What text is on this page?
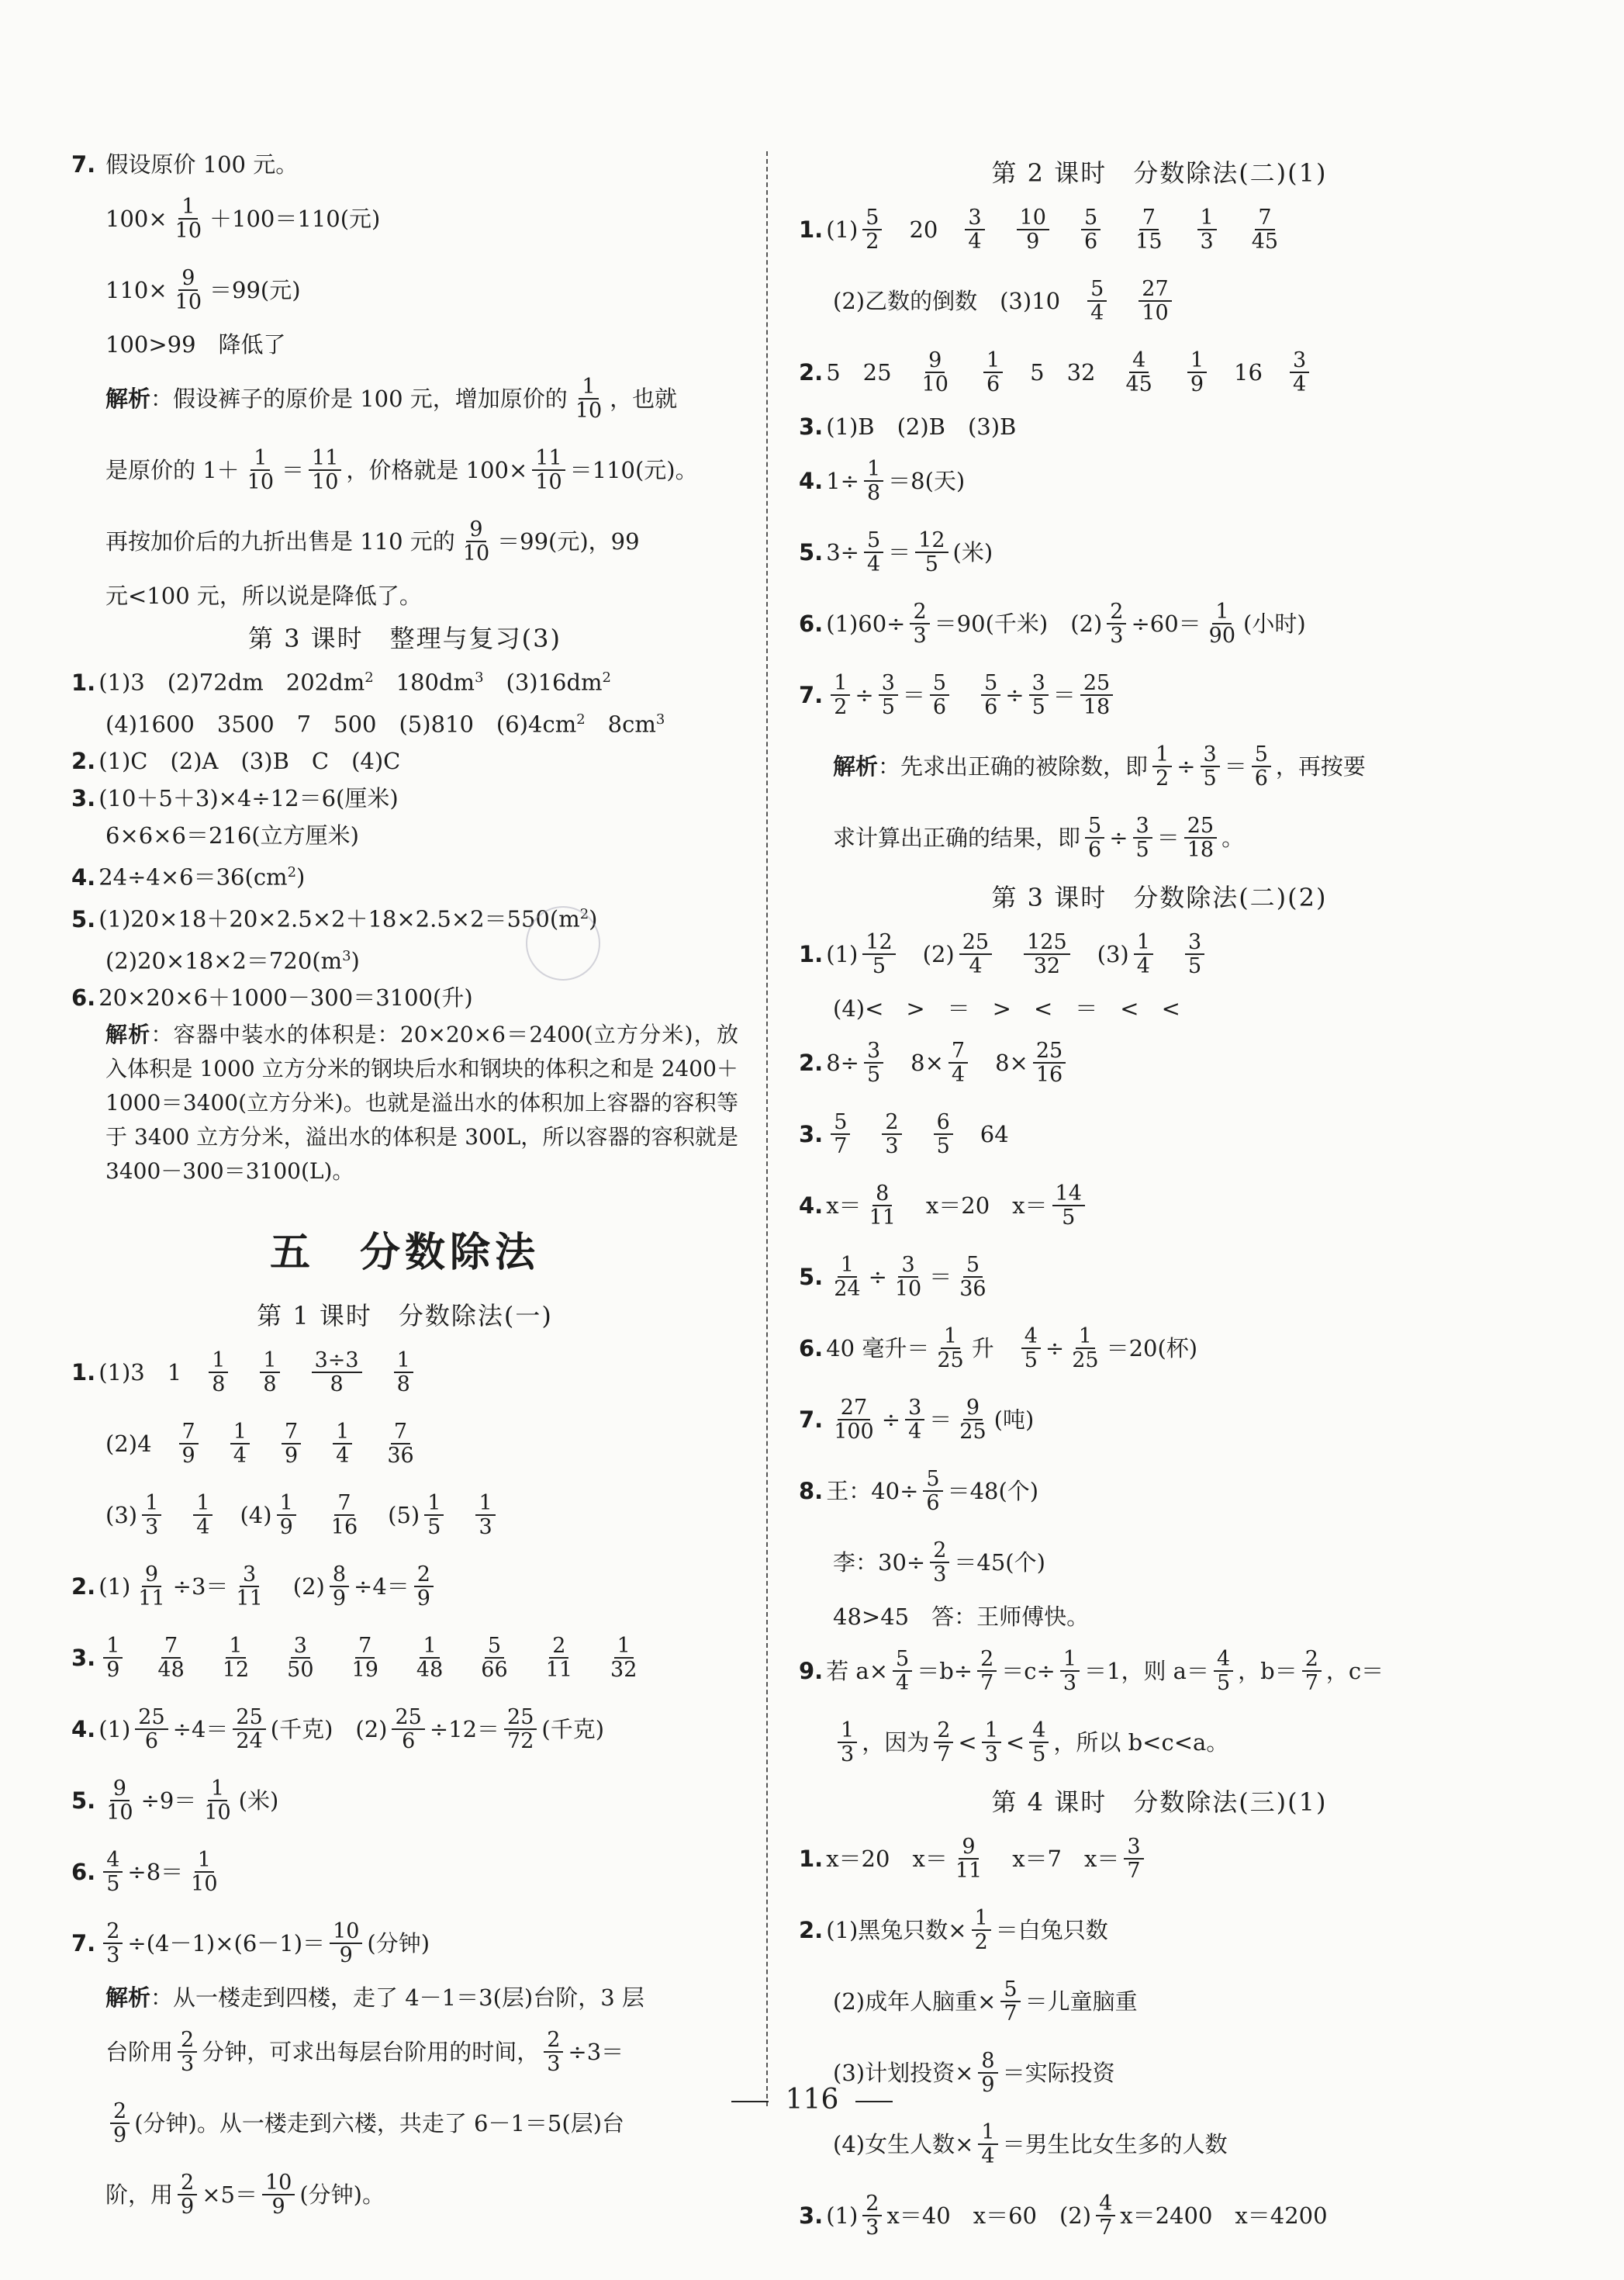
7. 假设原价 100 元。
$100\times \frac{1}{10} +100=110$(元)
$110\times \frac{9}{10} =99$(元)
100>99　降低了
解析 ：假设裤子的原价是 100 元，增加原价的 $\frac{1}{10}$ ，也就
是原价的 $1+ \frac{1}{10} = \frac{11}{10}$ ，价格就是 $100\times \frac{11}{10} =110$(元)。
再按加价后的九折出售是 110 元的 $\frac{9}{10} =99$(元)，99
元<100 元，所以说是降低了。
第 3 课时　整理与复习(3)
1. (1)3　(2)72dm　$202dm^2$　$180dm^3$　$(3)16dm^2$
(4)1600　3500　7　500　(5)810　$(6)4cm^2$　$8cm^3$
2. (1)C　(2)A　(3)B　C　(4)C
3. (10＋5＋3)×4÷12＝6(厘米)
6×6×6＝216(立方厘米)
4. $24\div 4\times 6=36(cm^2)$
5. $(1)20\times 18+20\times 2.5\times 2+18\times 2.5\times 2=550(m^2)$
$(2)20\times 18\times 2=720(m^3)$
6. 20×20×6＋1000－300＝3100(升)
解析：容器中装水的体积是：20×20×6＝2400(立方分米)，放入体积是 1000 立方分米的钢块后水和钢块的体积之和是 2400＋1000＝3400(立方分米)。也就是溢出水的体积加上容器的容积等于 3400 立方分米，溢出水的体积是 300L，所以容器的容积就是 3400－300＝3100(L)。
五　分数除法
第 1 课时　分数除法(一)
1. (1)3　1　 $\frac{1}{8}$
　 $\frac{1}{8}$
　 $\frac{3\div 3}{8}$
　 $\frac{1}{8}$
(2)4　 $\frac{7}{9}$
　 $\frac{1}{4}$
　 $\frac{7}{9}$
　 $\frac{1}{4}$
　 $\frac{7}{36}$
$(3) \frac{1}{3}$
　 $\frac{1}{4}$ 　$(4) \frac{1}{9}$
　 $\frac{7}{16}$ 　$(5) \frac{1}{5}$
　 $\frac{1}{3}$
2. $(1) \frac{9}{11} \div 3= \frac{3}{11}$ 　$(2) \frac{8}{9} \div 4= \frac{2}{9}$
3. $\frac{1}{9}$
　 $\frac{7}{48}$
　 $\frac{1}{12}$
　 $\frac{3}{50}$
　 $\frac{7}{19}$
　 $\frac{1}{48}$
　 $\frac{5}{66}$
　 $\frac{2}{11}$
　 $\frac{1}{32}$
4. $(1) \frac{25}{6} \div 4= \frac{25}{24}$ (千克)　$(2) \frac{25}{6} \div 12= \frac{25}{72}$ (千克)
5. $\frac{9}{10} \div 9= \frac{1}{10}$ (米)
6. $\frac{4}{5} \div 8= \frac{1}{10}$
7. $\frac{2}{3} \div(4-1)\times(6-1)= \frac{10}{9}$ (分钟)
解析：从一楼走到四楼，走了 4－1＝3(层)台阶，3 层
台阶用 $\frac{2}{3}$ 分钟，可求出每层台阶用的时间， $\frac{2}{3} \div 3=$
$\frac{2}{9}$ (分钟)。从一楼走到六楼，共走了 6－1＝5(层)台
阶，用 $\frac{2}{9} \times 5= \frac{10}{9}$ (分钟)。
第 2 课时　分数除法(二)(1)
1. $(1) \frac{5}{2}$ 　20　 $\frac{3}{4}$
　 $\frac{10}{9}$
　 $\frac{5}{6}$
　 $\frac{7}{15}$
　 $\frac{1}{3}$
　 $\frac{7}{45}$
(2)乙数的倒数　(3)10　 $\frac{5}{4}$
　 $\frac{27}{10}$
2. 5　25　 $\frac{9}{10}$
　 $\frac{1}{6}$ 　5　32　 $\frac{4}{45}$
　 $\frac{1}{9}$ 　16　 $\frac{3}{4}$
3. (1)B　(2)B　(3)B
4. $1\div \frac{1}{8} =8$(天)
5. $3\div \frac{5}{4} = \frac{12}{5}$ (米)
6. $(1)60\div \frac{2}{3} =90$(千米)　$(2) \frac{2}{3} \div 60= \frac{1}{90}$ (小时)
7. $\frac{1}{2} \div \frac{3}{5} = \frac{5}{6}$
　 $\frac{5}{6} \div \frac{3}{5} = \frac{25}{18}$
解析 ：先求出正确的被除数，即 $\frac{1}{2} \div \frac{3}{5} = \frac{5}{6}$ ，再按要
求计算出正确的结果，即 $\frac{5}{6} \div \frac{3}{5} = \frac{25}{18}$ 。
第 3 课时　分数除法(二)(2)
1. $(1) \frac{12}{5}$ 　$(2) \frac{25}{4}$
　 $\frac{125}{32}$ 　$(3) \frac{1}{4}$
　 $\frac{3}{5}$
(4)<　>　＝　>　<　＝　<　<
2. $8\div \frac{3}{5}$ 　$8\times \frac{7}{4}$ 　$8\times \frac{25}{16}$
3. $\frac{5}{7}$
　 $\frac{2}{3}$
　 $\frac{6}{5}$ 　64
4. $x= \frac{8}{11}$ 　x＝20　$x= \frac{14}{5}$
5. $\frac{1}{24} \div \frac{3}{10} = \frac{5}{36}$
6. 40 毫升＝ $\frac{1}{25}$ 升　 $\frac{4}{5} \div \frac{1}{25} =20$(杯)
7. $\frac{27}{100} \div \frac{3}{4} = \frac{9}{25}$ (吨)
8. 王：$40\div \frac{5}{6} =48$(个)
李：$30\div \frac{2}{3} =45$(个)
48>45　答：王师傅快。
9. 若 $a\times \frac{5}{4} =b\div \frac{2}{7} =c\div \frac{1}{3} =1$，则 $a= \frac{4}{5}$ ，$b= \frac{2}{7}$ ，c＝
$\frac{1}{3}$ ，因为 $\frac{2}{7} < \frac{1}{3} < \frac{4}{5}$ ，所以 b<c<a。
第 4 课时　分数除法(三)(1)
1. x＝20　$x= \frac{9}{11}$ 　x＝7　$x= \frac{3}{7}$
2. (1)黑兔只数× $\frac{1}{2}$ ＝白兔只数
(2)成年人脑重× $\frac{5}{7}$ ＝儿童脑重
(3)计划投资× $\frac{8}{9}$ ＝实际投资
(4)女生人数× $\frac{1}{4}$ ＝男生比女生多的人数
3. $(1) \frac{2}{3} x=40$　x＝60　$(2) \frac{4}{7} x=2400$　x＝4200
116
